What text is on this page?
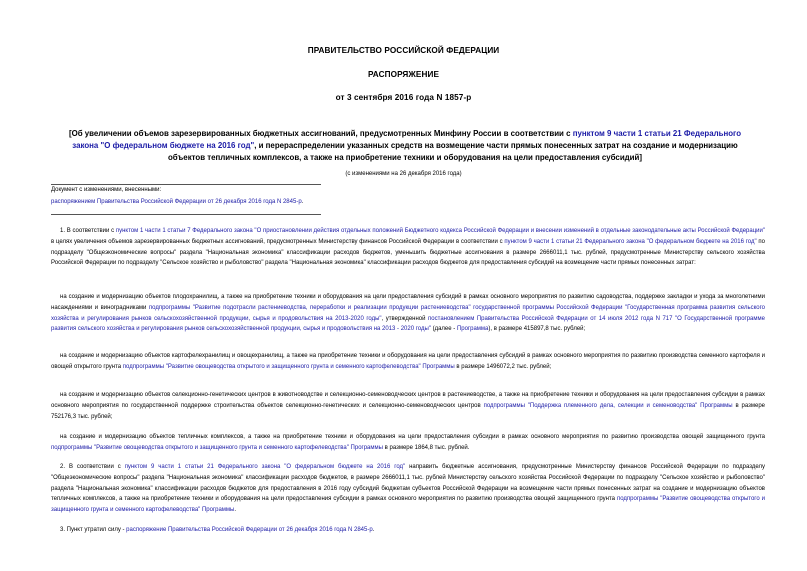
ПРАВИТЕЛЬСТВО РОССИЙСКОЙ ФЕДЕРАЦИИ
РАСПОРЯЖЕНИЕ
от 3 сентября 2016 года N 1857-р
[Об увеличении объемов зарезервированных бюджетных ассигнований, предусмотренных Минфину России в соответствии с пунктом 9 части 1 статьи 21 Федерального закона "О федеральном бюджете на 2016 год", и перераспределении указанных средств на возмещение части прямых понесенных затрат на создание и модернизацию объектов тепличных комплексов, а также на приобретение техники и оборудования на цели предоставления субсидий]
(с изменениями на 26 декабря 2016 года)
Документ с изменениями, внесенными:
распоряжением Правительства Российской Федерации от 26 декабря 2016 года N 2845-р.
1. В соответствии с пунктом 1 части 1 статьи 7 Федерального закона "О приостановлении действия отдельных положений Бюджетного кодекса Российской Федерации и внесении изменений в отдельные законодательные акты Российской Федерации" в целях увеличения объемов зарезервированных бюджетных ассигнований, предусмотренных Министерству финансов Российской Федерации в соответствии с пунктом 9 части 1 статьи 21 Федерального закона "О федеральном бюджете на 2016 год" по подразделу "Общеэкономические вопросы" раздела "Национальная экономика" классификации расходов бюджетов, уменьшить бюджетные ассигнования в размере 2666011,1 тыс. рублей, предусмотренные Министерству сельского хозяйства Российской Федерации по подразделу "Сельское хозяйство и рыболовство" раздела "Национальная экономика" классификации расходов бюджетов для предоставления субсидий на возмещение части прямых понесенных затрат:
на создание и модернизацию объектов плодохранилищ, а также на приобретение техники и оборудования на цели предоставления субсидий в рамках основного мероприятия по развитию садоводства, поддержке закладки и ухода за многолетними насаждениями и виноградниками подпрограммы "Развитие подотрасли растениеводства, переработки и реализации продукции растениеводства" государственной программы Российской Федерации "Государственная программа развития сельского хозяйства и регулирования рынков сельскохозяйственной продукции, сырья и продовольствия на 2013-2020 годы", утвержденной постановлением Правительства Российской Федерации от 14 июля 2012 года N 717 "О Государственной программе развития сельского хозяйства и регулирования рынков сельскохозяйственной продукции, сырья и продовольствия на 2013 - 2020 годы" (далее - Программа), в размере 415897,8 тыс. рублей;
на создание и модернизацию объектов картофелехранилищ и овощехранилищ, а также на приобретение техники и оборудования на цели предоставления субсидий в рамках основного мероприятия по развитию производства семенного картофеля и овощей открытого грунта подпрограммы "Развитие овощеводства открытого и защищенного грунта и семенного картофелеводства" Программы в размере 1496072,2 тыс. рублей;
на создание и модернизацию объектов селекционно-генетических центров в животноводстве и селекционно-семеноводческих центров в растениеводстве, а также на приобретение техники и оборудования на цели предоставления субсидии в рамках основного мероприятия по государственной поддержке строительства объектов селекционно-генетических и селекционно-семеноводческих центров подпрограммы "Поддержка племенного дела, селекции и семеноводства" Программы в размере 752176,3 тыс. рублей;
на создание и модернизацию объектов тепличных комплексов, а также на приобретение техники и оборудования на цели предоставления субсидии в рамках основного мероприятия по развитию производства овощей защищенного грунта подпрограммы "Развитие овощеводства открытого и защищенного грунта и семенного картофелеводства" Программы в размере 1864,8 тыс. рублей.
2. В соответствии с пунктом 9 части 1 статьи 21 Федерального закона "О федеральном бюджете на 2016 год" направить бюджетные ассигнования, предусмотренные Министерству финансов Российской Федерации по подразделу "Общеэкономические вопросы" раздела "Национальная экономика" классификации расходов бюджетов, в размере 2666011,1 тыс. рублей Министерству сельского хозяйства Российской Федерации по подразделу "Сельское хозяйство и рыболовство" раздела "Национальная экономика" классификации расходов бюджетов для предоставления в 2016 году субсидий бюджетам субъектов Российской Федерации на возмещение части прямых понесенных затрат на создание и модернизацию объектов тепличных комплексов, а также на приобретение техники и оборудования на цели предоставления субсидии в рамках основного мероприятия по развитию производства овощей защищенного грунта подпрограммы "Развитие овощеводства открытого и защищенного грунта и семенного картофелеводства" Программы.
3. Пункт утратил силу - распоряжение Правительства Российской Федерации от 26 декабря 2016 года N 2845-р.
